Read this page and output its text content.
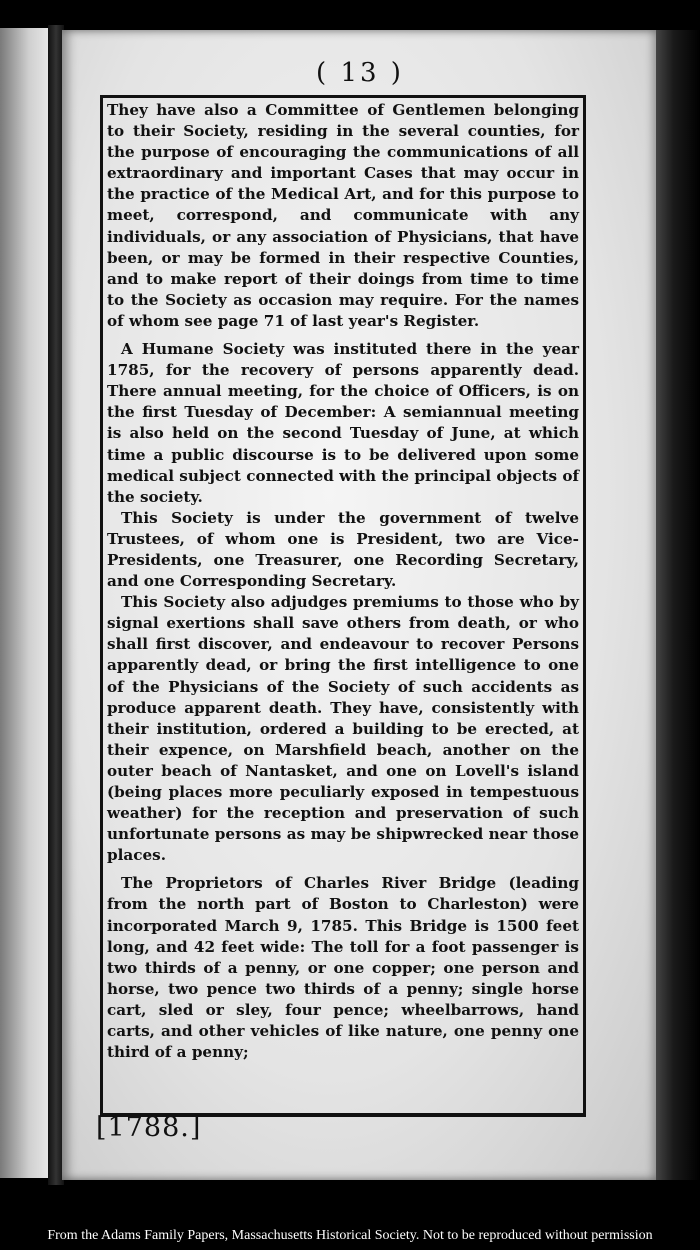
( 13 )

They have also a Committee of Gentlemen belonging to their Society, residing in the several counties, for the purpose of encouraging the communications of all extraordinary and important Cases that may occur in the practice of the Medical Art, and for this purpose to meet, correspond, and communicate with any individuals, or any association of Physicians, that have been, or may be formed in their respective Counties, and to make report of their doings from time to time to the Society as occasion may require. For the names of whom see page 71 of last year's Register.

A Humane Society was instituted there in the year 1785, for the recovery of persons apparently dead. There annual meeting, for the choice of Officers, is on the first Tuesday of December: A semiannual meeting is also held on the second Tuesday of June, at which time a public discourse is to be delivered upon some medical subject connected with the principal objects of the society.

This Society is under the government of twelve Trustees, of whom one is President, two are Vice-Presidents, one Treasurer, one Recording Secretary, and one Corresponding Secretary.

This Society also adjudges premiums to those who by signal exertions shall save others from death, or who shall first discover, and endeavour to recover Persons apparently dead, or bring the first intelligence to one of the Physicians of the Society of such accidents as produce apparent death. They have, consistently with their institution, ordered a building to be erected, at their expence, on Marshfield beach, another on the outer beach of Nantasket, and one on Lovell's island (being places more peculiarly exposed in tempestuous weather) for the reception and preservation of such unfortunate persons as may be shipwrecked near those places.

The Proprietors of Charles River Bridge (leading from the north part of Boston to Charleston) were incorporated March 9, 1785. This Bridge is 1500 feet long, and 42 feet wide: The toll for a foot passenger is two thirds of a penny, or one copper; one person and horse, two pence two thirds of a penny; single horse cart, sled or sley, four pence; wheelbarrows, hand carts, and other vehicles of like nature, one penny one third of a penny;

[1788.]
From the Adams Family Papers, Massachusetts Historical Society. Not to be reproduced without permission
